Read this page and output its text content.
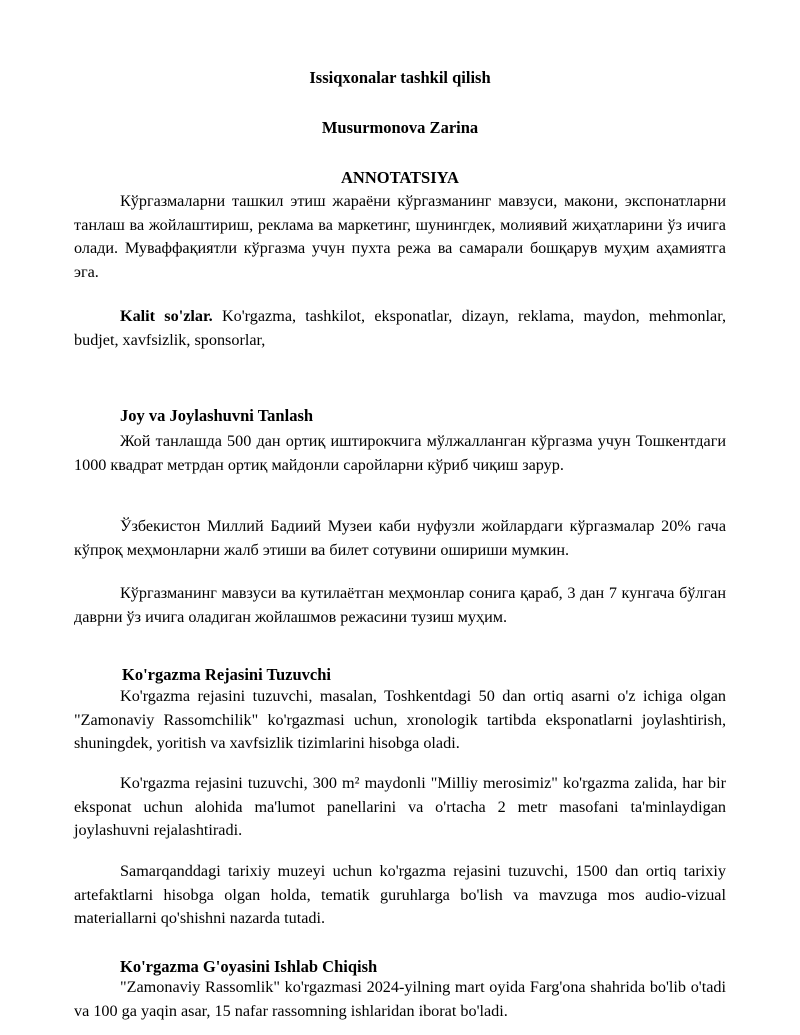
Issiqxonalar tashkil qilish

Musurmonova Zarina

ANNOTATSIYA

Кўргазмаларни ташкил этиш жараёни кўргазманинг мавзуси, макони, экспонатларни танлаш ва жойлаштириш, реклама ва маркетинг, шунингдек, молиявий жиҳатларини ўз ичига олади. Муваффақиятли кўргазма учун пухта режа ва самарали бошқарув муҳим аҳамиятга эга.

Kalit so'zlar. Ko'rgazma, tashkilot, eksponatlar, dizayn, reklama, maydon, mehmonlar, budjet, xavfsizlik, sponsorlar,

Joy va Joylashuvni Tanlash

Жой танлашда 500 дан ортиқ иштирокчига мўлжалланган кўргазма учун Тошкентдаги 1000 квадрат метрдан ортиқ майдонли саройларни кўриб чиқиш зарур.

Ўзбекистон Миллий Бадиий Музеи каби нуфузли жойлардаги кўргазмалар 20% гача кўпроқ меҳмонларни жалб этиши ва билет сотувини ошириши мумкин.

Кўргазманинг мавзуси ва кутилаётган меҳмонлар сонига қараб, 3 дан 7 кунгача бўлган даврни ўз ичига оладиган жойлашмов режасини тузиш муҳим.

Ko'rgazma Rejasini Tuzuvchi

Ko'rgazma rejasini tuzuvchi, masalan, Toshkentdagi 50 dan ortiq asarni o'z ichiga olgan "Zamonaviy Rassomchilik" ko'rgazmasi uchun, xronologik tartibda eksponatlarni joylashtirish, shuningdek, yoritish va xavfsizlik tizimlarini hisobga oladi.

Ko'rgazma rejasini tuzuvchi, 300 m² maydonli "Milliy merosimiz" ko'rgazma zalida, har bir eksponat uchun alohida ma'lumot panellarini va o'rtacha 2 metr masofani ta'minlaydigan joylashuvni rejalashtiradi.

Samarqanddagi tarixiy muzeyi uchun ko'rgazma rejasini tuzuvchi, 1500 dan ortiq tarixiy artefaktlarni hisobga olgan holda, tematik guruhlarga bo'lish va mavzuga mos audio-vizual materiallarni qo'shishni nazarda tutadi.

Ko'rgazma G'oyasini Ishlab Chiqish

"Zamonaviy Rassomlik" ko'rgazmasi 2024-yilning mart oyida Farg'ona shahrida bo'lib o'tadi va 100 ga yaqin asar, 15 nafar rassomning ishlaridan iborat bo'ladi.
